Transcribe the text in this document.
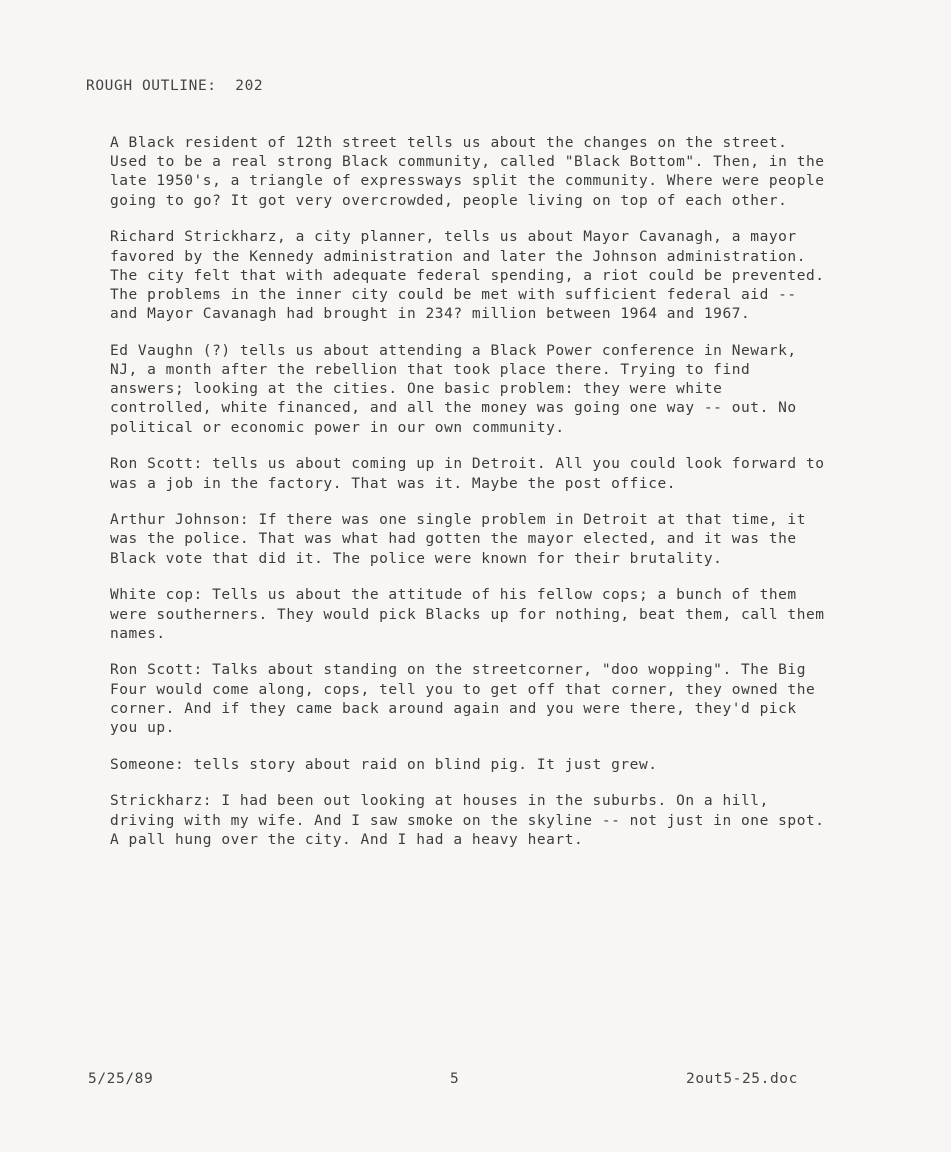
ROUGH OUTLINE:  202

A Black resident of 12th street tells us about the changes on the street. Used to be a real strong Black community, called "Black Bottom". Then, in the late 1950's, a triangle of expressways split the community. Where were people going to go? It got very overcrowded, people living on top of each other.

Richard Strickharz, a city planner, tells us about Mayor Cavanagh, a mayor favored by the Kennedy administration and later the Johnson administration. The city felt that with adequate federal spending, a riot could be prevented. The problems in the inner city could be met with sufficient federal aid -- and Mayor Cavanagh had brought in 234? million between 1964 and 1967.

Ed Vaughn (?) tells us about attending a Black Power conference in Newark, NJ, a month after the rebellion that took place there. Trying to find answers; looking at the cities. One basic problem: they were white controlled, white financed, and all the money was going one way -- out. No political or economic power in our own community.

Ron Scott: tells us about coming up in Detroit. All you could look forward to was a job in the factory. That was it. Maybe the post office.

Arthur Johnson: If there was one single problem in Detroit at that time, it was the police. That was what had gotten the mayor elected, and it was the Black vote that did it. The police were known for their brutality.

White cop: Tells us about the attitude of his fellow cops; a bunch of them were southerners. They would pick Blacks up for nothing, beat them, call them names.

Ron Scott: Talks about standing on the streetcorner, "doo wopping". The Big Four would come along, cops, tell you to get off that corner, they owned the corner. And if they came back around again and you were there, they'd pick you up.

Someone: tells story about raid on blind pig. It just grew.

Strickharz: I had been out looking at houses in the suburbs. On a hill, driving with my wife. And I saw smoke on the skyline -- not just in one spot. A pall hung over the city. And I had a heavy heart.

5/25/89	5	2out5-25.doc
